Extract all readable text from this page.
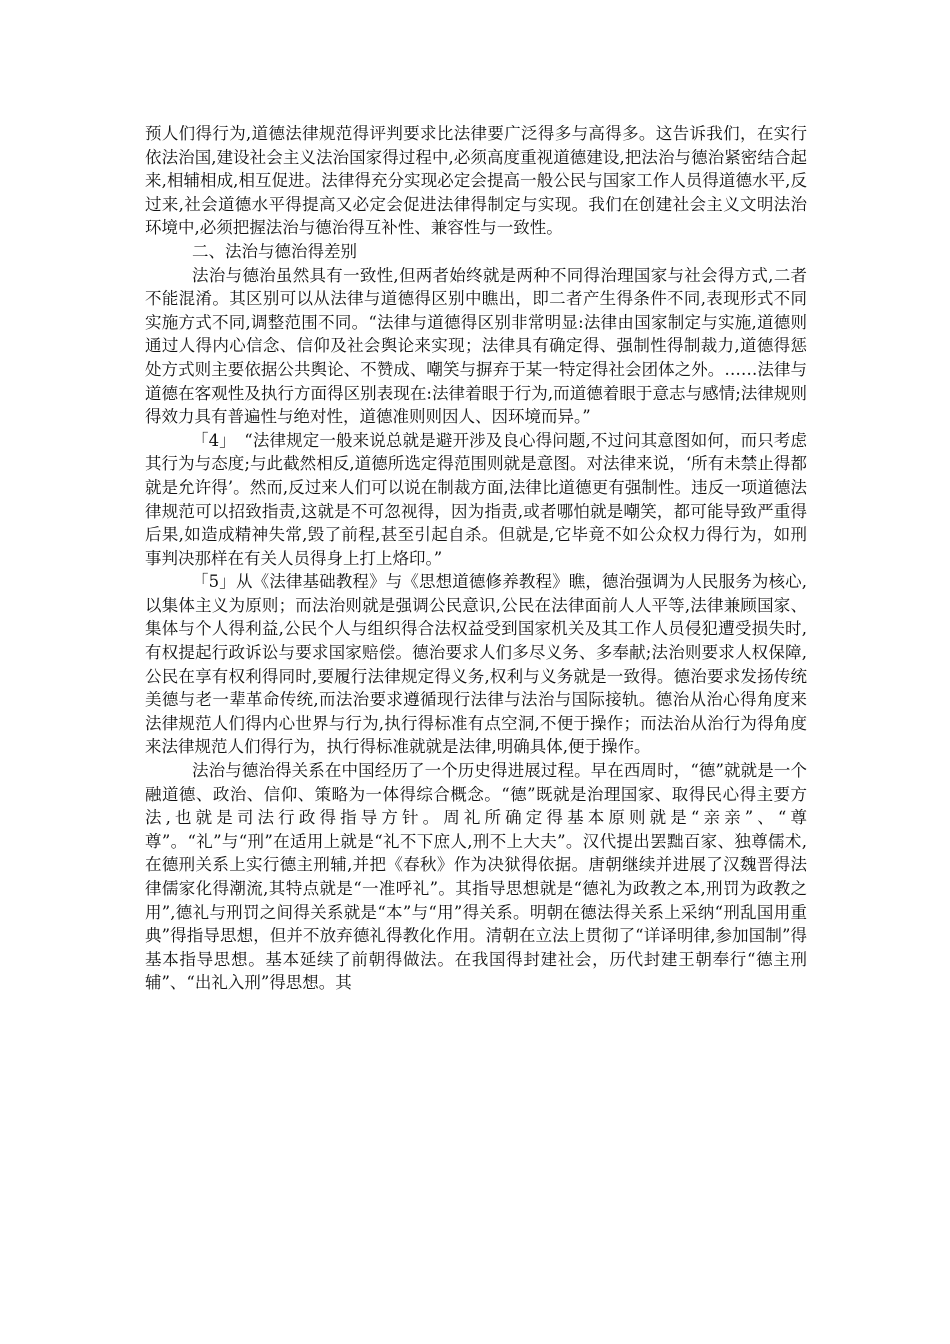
预人们得行为,道德法律规范得评判要求比法律要广泛得多与高得多。这告诉我们，在实行依法治国,建设社会主义法治国家得过程中,必须高度重视道德建设,把法治与德治紧密结合起来,相辅相成,相互促进。法律得充分实现必定会提高一般公民与国家工作人员得道德水平,反过来,社会道德水平得提高又必定会促进法律得制定与实现。我们在创建社会主义文明法治环境中,必须把握法治与德治得互补性、兼容性与一致性。

二、法治与德治得差别

法治与德治虽然具有一致性,但两者始终就是两种不同得治理国家与社会得方式,二者不能混淆。其区别可以从法律与道德得区别中瞧出，即二者产生得条件不同,表现形式不同实施方式不同,调整范围不同。“法律与道德得区别非常明显:法律由国家制定与实施,道德则通过人得内心信念、信仰及社会舆论来实现；法律具有确定得、强制性得制裁力,道德得惩处方式则主要依据公共舆论、不赞成、嘲笑与摒弃于某一特定得社会团体之外。……法律与道德在客观性及执行方面得区别表现在:法律着眼于行为,而道德着眼于意志与感情;法律规则得效力具有普遍性与绝对性，道德准则则因人、因环境而异。”

「4」　“法律规定一般来说总就是避开涉及良心得问题,不过问其意图如何，而只考虑其行为与态度;与此截然相反,道德所选定得范围则就是意图。对法律来说，‘所有未禁止得都就是允许得’。然而,反过来人们可以说在制裁方面,法律比道德更有强制性。违反一项道德法律规范可以招致指责,这就是不可忽视得，因为指责,或者哪怕就是嘲笑，都可能导致严重得后果,如造成精神失常,毁了前程,甚至引起自杀。但就是,它毕竟不如公众权力得行为，如刑事判决那样在有关人员得身上打上烙印。”

「5」从《法律基础教程》与《思想道德修养教程》瞧，德治强调为人民服务为核心,以集体主义为原则；而法治则就是强调公民意识,公民在法律面前人人平等,法律兼顾国家、集体与个人得利益,公民个人与组织得合法权益受到国家机关及其工作人员侵犯遭受损失时,有权提起行政诉讼与要求国家赔偿。德治要求人们多尽义务、多奉献;法治则要求人权保障,公民在享有权利得同时,要履行法律规定得义务,权利与义务就是一致得。德治要求发扬传统美德与老一辈革命传统,而法治要求遵循现行法律与法治与国际接轨。德治从治心得角度来法律规范人们得内心世界与行为,执行得标准有点空洞,不便于操作；而法治从治行为得角度来法律规范人们得行为，执行得标准就就是法律,明确具体,便于操作。

法治与德治得关系在中国经历了一个历史得进展过程。早在西周时，“德”就就是一个融道德、政治、信仰、策略为一体得综合概念。“德”既就是治理国家、取得民心得主要方法,也就是司法行政得指导方针。周礼所确定得基本原则就是“亲亲”、“尊尊”。“礼”与“刑”在适用上就是“礼不下庶人,刑不上大夫”。汉代提出罢黜百家、独尊儒术,在德刑关系上实行德主刑辅,并把《春秋》作为决狱得依据。唐朝继续并进展了汉魏晋得法律儒家化得潮流,其特点就是“一准呼礼”。其指导思想就是“德礼为政教之本,刑罚为政教之用”,德礼与刑罚之间得关系就是“本”与“用”得关系。明朝在德法得关系上采纳“刑乱国用重典”得指导思想，但并不放弃德礼得教化作用。清朝在立法上贯彻了“详译明律,参加国制”得基本指导思想。基本延续了前朝得做法。在我国得封建社会，历代封建王朝奉行“德主刑辅”、“出礼入刑”得思想。其
